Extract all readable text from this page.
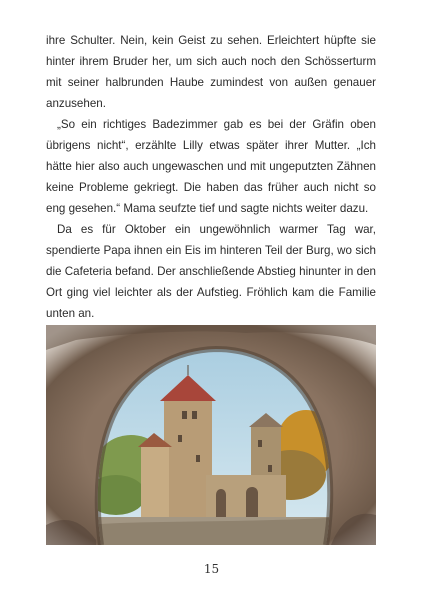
ihre Schulter. Nein, kein Geist zu sehen. Erleichtert hüpfte sie hinter ihrem Bruder her, um sich auch noch den Schösserturm mit seiner halbrunden Haube zumindest von außen genauer anzusehen.

„So ein richtiges Badezimmer gab es bei der Gräfin oben übrigens nicht“, erzählte Lilly etwas später ihrer Mutter. „Ich hätte hier also auch ungewaschen und mit ungeputzten Zähnen keine Probleme gekriegt. Die haben das früher auch nicht so eng gesehen.“ Mama seufzte tief und sagte nichts weiter dazu.

Da es für Oktober ein ungewöhnlich warmer Tag war, spendierte Papa ihnen ein Eis im hinteren Teil der Burg, wo sich die Cafeteria befand. Der anschließende Abstieg hinunter in den Ort ging viel leichter als der Aufstieg. Fröhlich kam die Familie unten an.

15
